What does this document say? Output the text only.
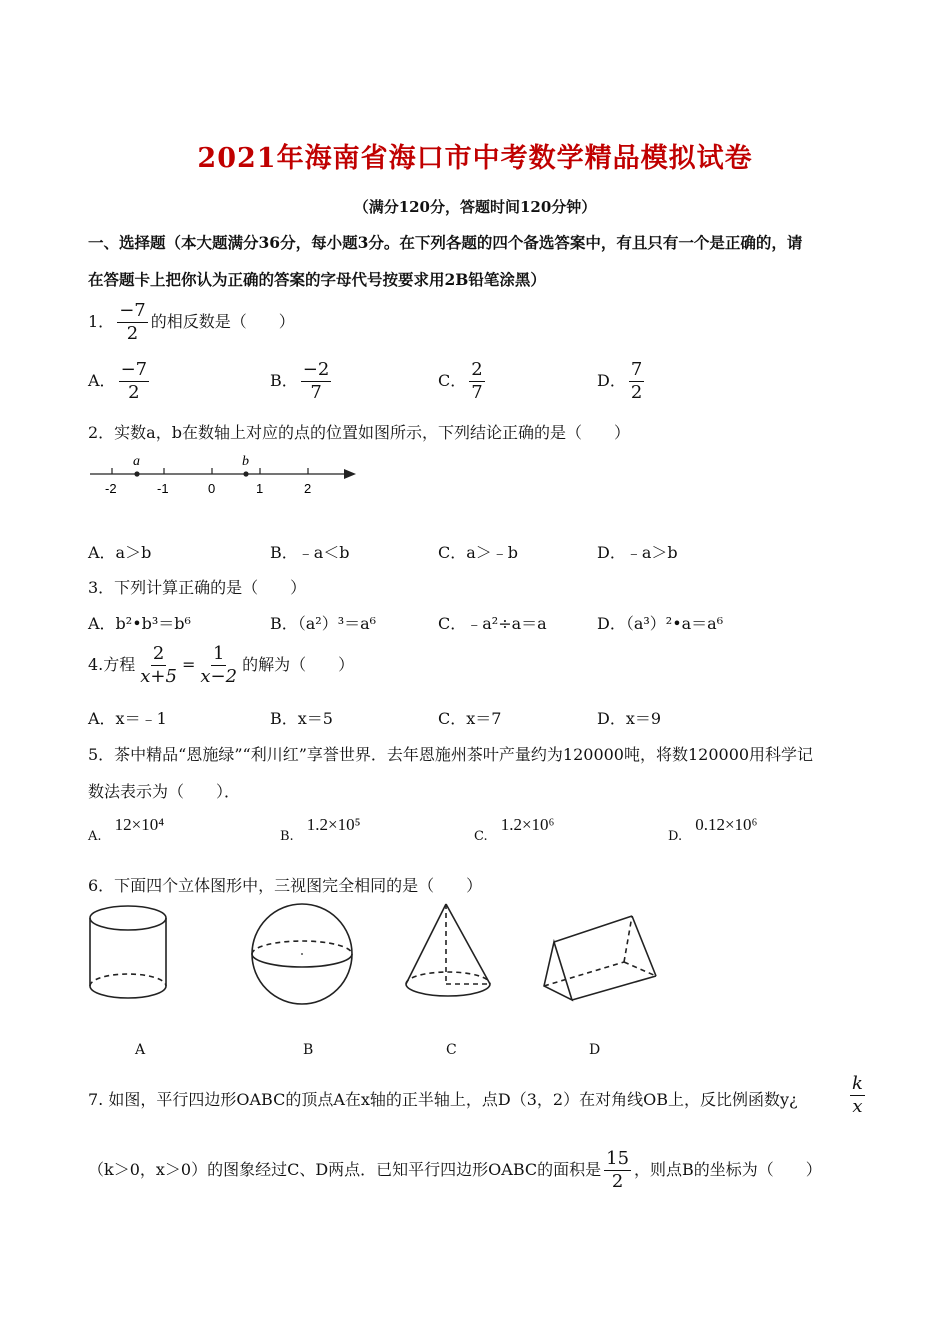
2021年海南省海口市中考数学精品模拟试卷
（满分120分，答题时间120分钟）
一、选择题（本大题满分36分，每小题3分。在下列各题的四个备选答案中，有且只有一个是正确的，请
在答题卡上把你认为正确的答案的字母代号按要求用2B铅笔涂黑）
1． $\frac{-7}{2}$ 的相反数是（　　）
A． $\frac{-7}{2}$	B． $\frac{-2}{7}$	C． $\frac{2}{7}$	D． $\frac{7}{2}$
2．实数a，b在数轴上对应的点的位置如图所示，下列结论正确的是（　　）
a	b
-2	-1	0	1	2
A．a＞b	B．﹣a＜b	C．a＞﹣b	D．﹣a＞b
3．下列计算正确的是（　　）
A．b²•b³＝b⁶	B．（a²）³＝a⁶	C．﹣a²÷a＝a	D．（a³）²•a＝a⁶
4.方程 $\frac{2}{x+5} = \frac{1}{x-2}$ 的解为（　　）
A．x＝﹣1	B．x＝5	C．x＝7	D．x＝9
5．茶中精品“恩施绿”“利川红”享誉世界．去年恩施州茶叶产量约为120000吨，将数120000用科学记
数法表示为（　　）．
$_{A.}$ 12×10⁴
$_{B.}$ 1.2×10⁵
$_{C.}$ 1.2×10⁶
$_{D.}$ 0.12×10⁶
6．下面四个立体图形中，三视图完全相同的是（　　）
A	B	C	D
7. 如图，平行四边形OABC的顶点A在x轴的正半轴上，点D（3，2）在对角线OB上，反比例函数y¿	$\frac{k}{x}$
（k＞0，x＞0）的图象经过C、D两点．已知平行四边形OABC的面积是 $\frac{15}{2}$ ，则点B的坐标为（　　）
